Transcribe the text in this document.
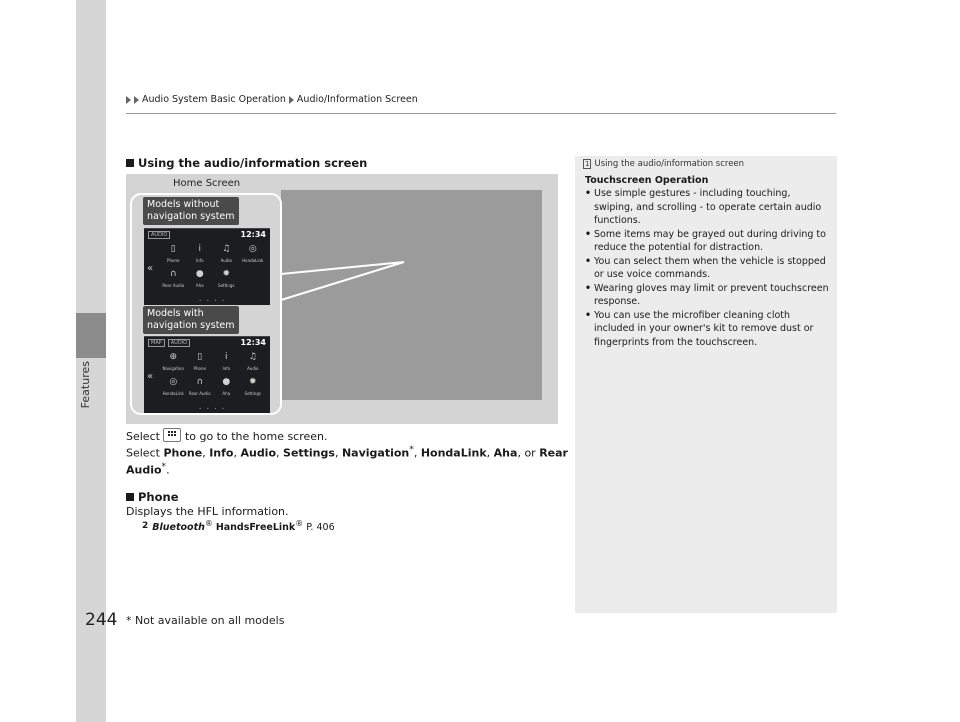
Features
Audio System Basic Operation Audio/Information Screen
Using the audio/information screen
Home Screen
Models without
navigation system
AUDIO	12:34
«
▯
Phone
i
Info
♫
Audio
◎
HondaLink
∩
Rear Audio
●
Aha
✹
Settings
• • • •
Models with
navigation system
MAP	AUDIO	12:34
«
⊕
Navigation
▯
Phone
i
Info
♫
Audio
◎
HondaLink
∩
Rear Audio
●
Aha
✹
Settings
• • • •
Select to go to the home screen.
Select Phone, Info, Audio, Settings, Navigation*, HondaLink, Aha, or Rear
Audio*.
Phone
Displays the HFL information.
2 Bluetooth® HandsFreeLink® P. 406
1 Using the audio/information screen
Touchscreen Operation
• Use simple gestures - including touching, swiping, and scrolling - to operate certain audio functions.
• Some items may be grayed out during driving to reduce the potential for distraction.
• You can select them when the vehicle is stopped or use voice commands.
• Wearing gloves may limit or prevent touchscreen response.
• You can use the microfiber cleaning cloth included in your owner's kit to remove dust or fingerprints from the touchscreen.
244 * Not available on all models
